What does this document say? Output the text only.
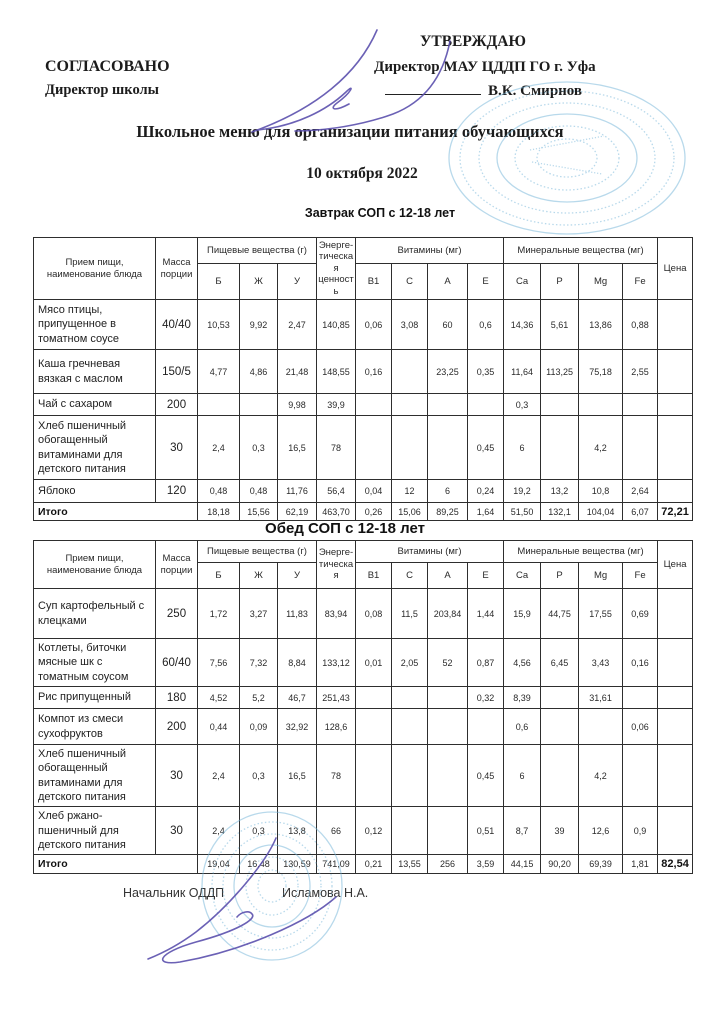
СОГЛАСОВАНО
Директор школы
УТВЕРЖДАЮ
Директор МАУ ЦДДП ГО г. Уфа
В.К. Смирнов
Школьное меню для организации питания обучающихся
10 октября 2022
Завтрак СОП с 12-18 лет
Прием пищи, наименование блюда	Масса порции	Пищевые вещества (г)			Энерге-тическая ценность	Витамины (мг)				Минеральные вещества (мг)				Цена
		Б	Ж	У		B1	C	A	E	Ca	P	Mg	Fe	
Мясо птицы, припущенное в томатном соусе	40/40	10,53	9,92	2,47	140,85	0,06	3,08	60	0,6	14,36	5,61	13,86	0,88	
Каша гречневая вязкая с маслом	150/5	4,77	4,86	21,48	148,55	0,16		23,25	0,35	11,64	113,25	75,18	2,55	
Чай с сахаром	200			9,98	39,9					0,3				
Хлеб пшеничный обогащенный витаминами для детского питания	30	2,4	0,3	16,5	78				0,45	6		4,2		
Яблоко	120	0,48	0,48	11,76	56,4	0,04	12	6	0,24	19,2	13,2	10,8	2,64	
Итого		18,18	15,56	62,19	463,70	0,26	15,06	89,25	1,64	51,50	132,1	104,04	6,07	72,21
Обед СОП с 12-18 лет
Прием пищи, наименование блюда	Масса порции	Пищевые вещества (г)			Энерге-тическая	Витамины (мг)				Минеральные вещества (мг)				Цена
		Б	Ж	У		B1	C	A	E	Ca	P	Mg	Fe	
Суп картофельный с клецками	250	1,72	3,27	11,83	83,94	0,08	11,5	203,84	1,44	15,9	44,75	17,55	0,69	
Котлеты, биточки мясные шк с томатным соусом	60/40	7,56	7,32	8,84	133,12	0,01	2,05	52	0,87	4,56	6,45	3,43	0,16	
Рис припущенный	180	4,52	5,2	46,7	251,43				0,32	8,39		31,61		
Компот из смеси сухофруктов	200	0,44	0,09	32,92	128,6					0,6			0,06	
Хлеб пшеничный обогащенный витаминами для детского питания	30	2,4	0,3	16,5	78				0,45	6		4,2		
Хлеб ржано-пшеничный для детского питания	30	2,4	0,3	13,8	66	0,12			0,51	8,7	39	12,6	0,9	
Итого		19,04	16,48	130,59	741,09	0,21	13,55	256	3,59	44,15	90,20	69,39	1,81	82,54
Начальник ОДДП	Исламова Н.А.
